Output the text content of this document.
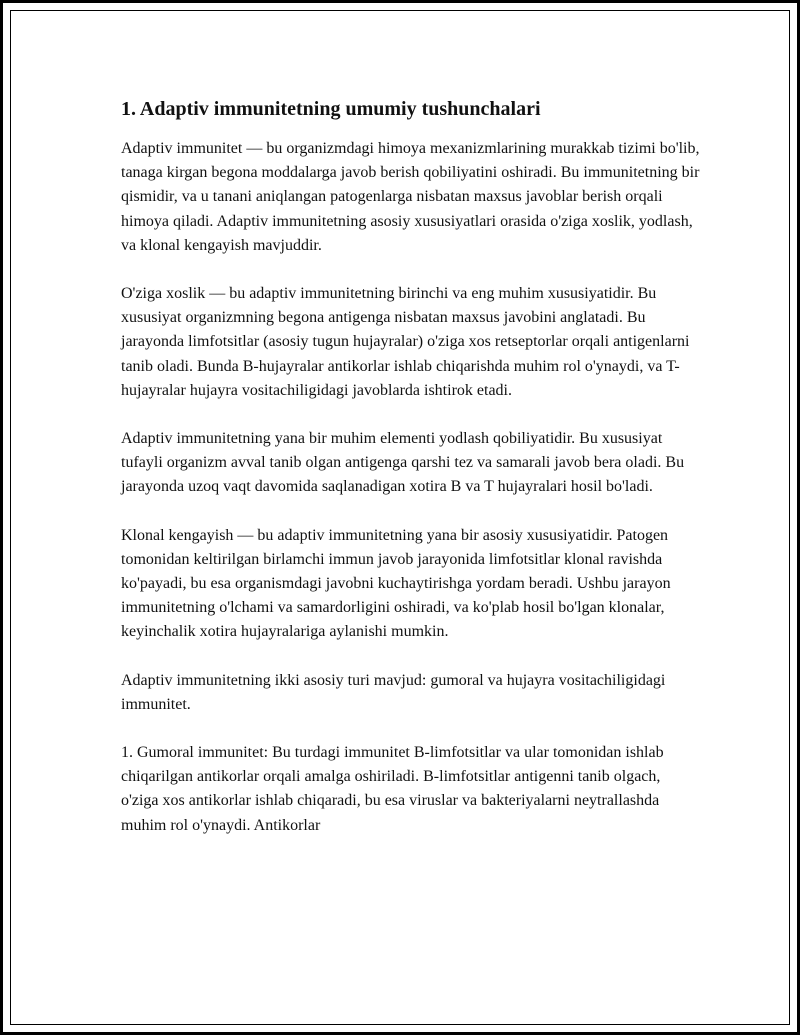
1. Adaptiv immunitetning umumiy tushunchalari

Adaptiv immunitet — bu organizmdagi himoya mexanizmlarining murakkab tizimi bo'lib, tanaga kirgan begona moddalarga javob berish qobiliyatini oshiradi. Bu immunitetning bir qismidir, va u tanani aniqlangan patogenlarga nisbatan maxsus javoblar berish orqali himoya qiladi. Adaptiv immunitetning asosiy xususiyatlari orasida o'ziga xoslik, yodlash, va klonal kengayish mavjuddir.

O'ziga xoslik — bu adaptiv immunitetning birinchi va eng muhim xususiyatidir. Bu xususiyat organizmning begona antigenga nisbatan maxsus javobini anglatadi. Bu jarayonda limfotsitlar (asosiy tugun hujayralar) o'ziga xos retseptorlar orqali antigenlarni tanib oladi. Bunda B-hujayralar antikorlar ishlab chiqarishda muhim rol o'ynaydi, va T-hujayralar hujayra vositachiligidagi javoblarda ishtirok etadi.

Adaptiv immunitetning yana bir muhim elementi yodlash qobiliyatidir. Bu xususiyat tufayli organizm avval tanib olgan antigenga qarshi tez va samarali javob bera oladi. Bu jarayonda uzoq vaqt davomida saqlanadigan xotira B va T hujayralari hosil bo'ladi.

Klonal kengayish — bu adaptiv immunitetning yana bir asosiy xususiyatidir. Patogen tomonidan keltirilgan birlamchi immun javob jarayonida limfotsitlar klonal ravishda ko'payadi, bu esa organismdagi javobni kuchaytirishga yordam beradi. Ushbu jarayon immunitetning o'lchami va samardorligini oshiradi, va ko'plab hosil bo'lgan klonalar, keyinchalik xotira hujayralariga aylanishi mumkin.

Adaptiv immunitetning ikki asosiy turi mavjud: gumoral va hujayra vositachiligidagi immunitet.

1. Gumoral immunitet: Bu turdagi immunitet B-limfotsitlar va ular tomonidan ishlab chiqarilgan antikorlar orqali amalga oshiriladi. B-limfotsitlar antigenni tanib olgach, o'ziga xos antikorlar ishlab chiqaradi, bu esa viruslar va bakteriyalarni neytrallashda muhim rol o'ynaydi. Antikorlar
